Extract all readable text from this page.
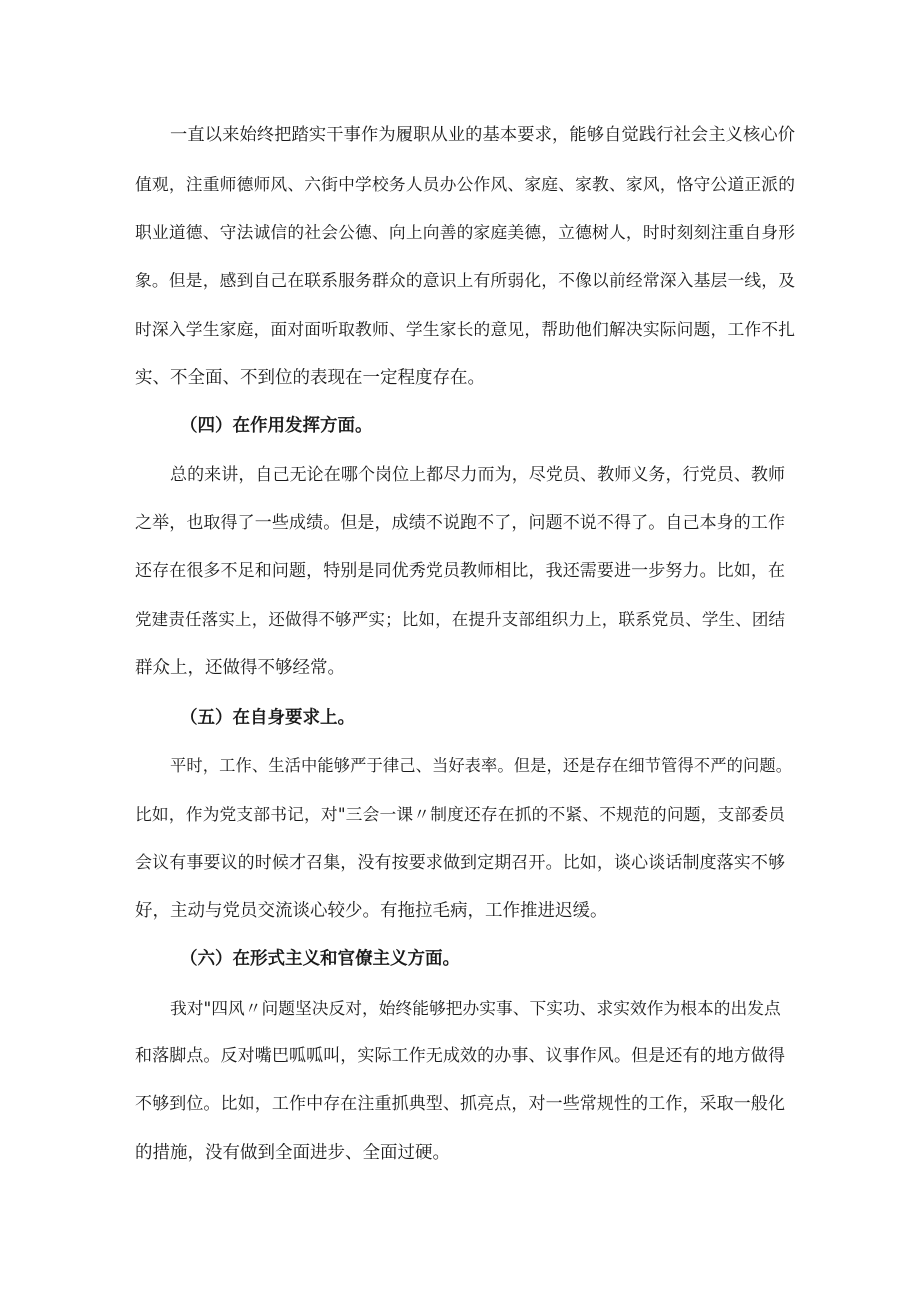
一直以来始终把踏实干事作为履职从业的基本要求，能够自觉践行社会主义核心价

值观，注重师德师风、六街中学校务人员办公作风、家庭、家教、家风，恪守公道正派的

职业道德、守法诚信的社会公德、向上向善的家庭美德，立德树人，时时刻刻注重自身形

象。但是，感到自己在联系服务群众的意识上有所弱化，不像以前经常深入基层一线，及

时深入学生家庭，面对面听取教师、学生家长的意见，帮助他们解决实际问题，工作不扎

实、不全面、不到位的表现在一定程度存在。

（四）在作用发挥方面。

总的来讲，自己无论在哪个岗位上都尽力而为，尽党员、教师义务，行党员、教师

之举，也取得了一些成绩。但是，成绩不说跑不了，问题不说不得了。自己本身的工作

还存在很多不足和问题，特别是同优秀党员教师相比，我还需要进一步努力。比如，在

党建责任落实上，还做得不够严实；比如，在提升支部组织力上，联系党员、学生、团结

群众上，还做得不够经常。

（五）在自身要求上。

平时，工作、生活中能够严于律己、当好表率。但是，还是存在细节管得不严的问题。

比如，作为党支部书记，对"三会一课〃制度还存在抓的不紧、不规范的问题，支部委员

会议有事要议的时候才召集，没有按要求做到定期召开。比如，谈心谈话制度落实不够

好，主动与党员交流谈心较少。有拖拉毛病，工作推进迟缓。

（六）在形式主义和官僚主义方面。

我对"四风〃问题坚决反对，始终能够把办实事、下实功、求实效作为根本的出发点

和落脚点。反对嘴巴呱呱叫，实际工作无成效的办事、议事作风。但是还有的地方做得

不够到位。比如，工作中存在注重抓典型、抓亮点，对一些常规性的工作，采取一般化

的措施，没有做到全面进步、全面过硬。
